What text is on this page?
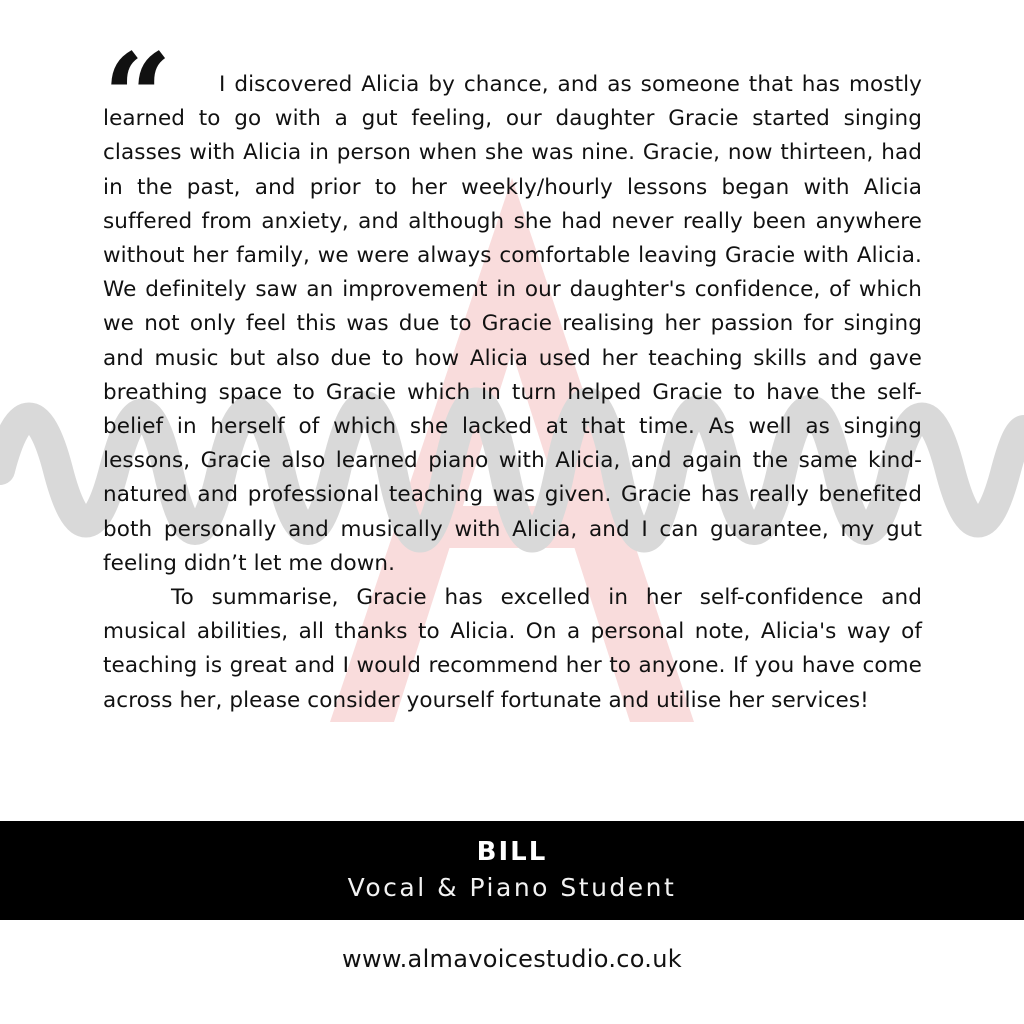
“	I discovered Alicia by chance, and as someone that has mostly learned to go with a gut feeling, our daughter Gracie started singing classes with Alicia in person when she was nine. Gracie, now thirteen, had in the past, and prior to her weekly/hourly lessons began with Alicia suffered from anxiety, and although she had never really been anywhere without her family, we were always comfortable leaving Gracie with Alicia. We definitely saw an improvement in our daughter's confidence, of which we not only feel this was due to Gracie realising her passion for singing and music but also due to how Alicia used her teaching skills and gave breathing space to Gracie which in turn helped Gracie to have the self-belief in herself of which she lacked at that time. As well as singing lessons, Gracie also learned piano with Alicia, and again the same kind-natured and professional teaching was given. Gracie has really benefited both personally and musically with Alicia, and I can guarantee, my gut feeling didn’t let me down.

To summarise, Gracie has excelled in her self-confidence and musical abilities, all thanks to Alicia. On a personal note, Alicia's way of teaching is great and I would recommend her to anyone. If you have come across her, please consider yourself fortunate and utilise her services!

BILL
Vocal & Piano Student
www.almavoicestudio.co.uk
